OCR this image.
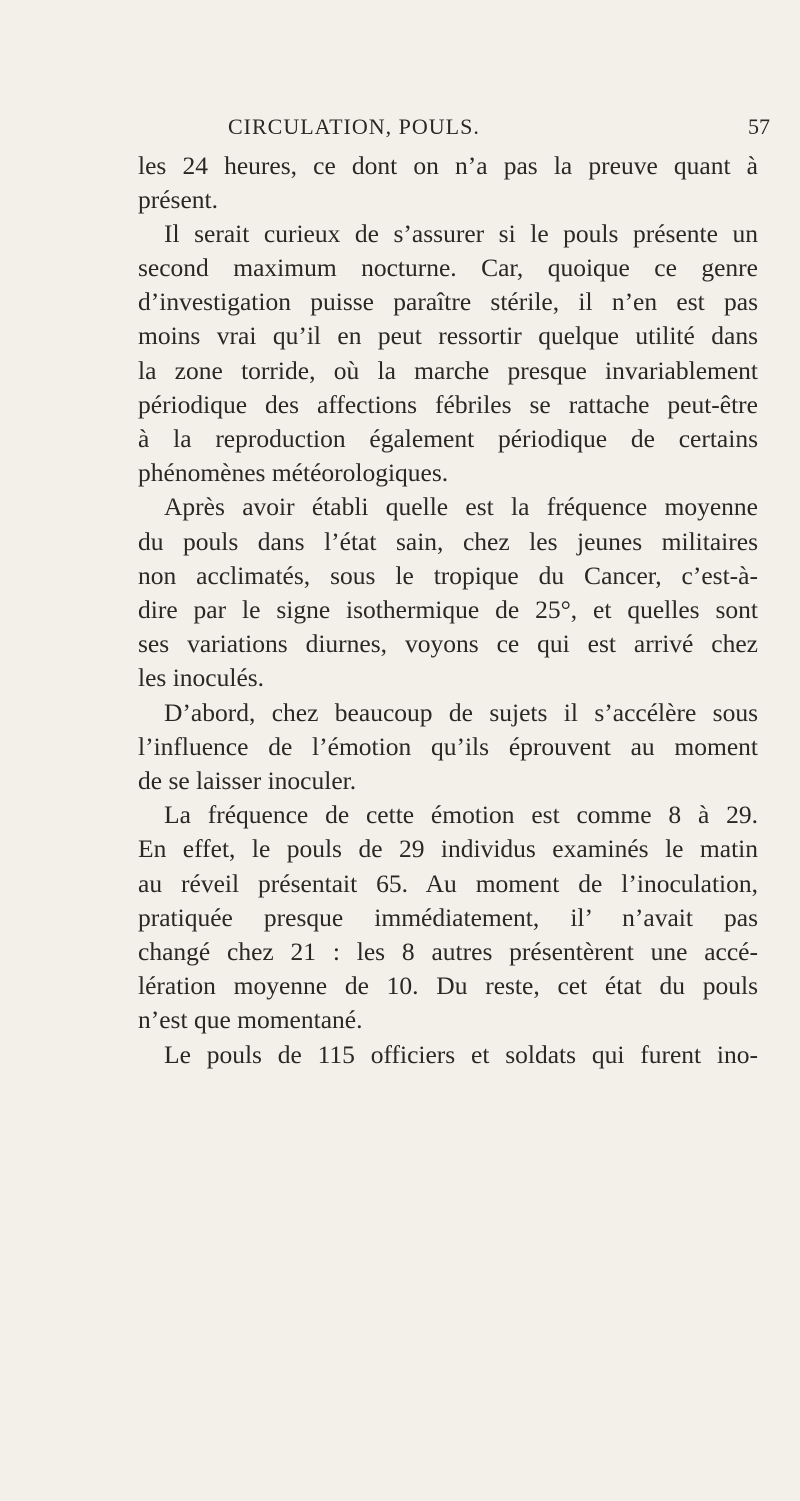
CIRCULATION, POULS.	57
les 24 heures, ce dont on n’a pas la preuve quant à
présent.
Il serait curieux de s’assurer si le pouls présente un
second maximum nocturne. Car, quoique ce genre
d’investigation puisse paraître stérile, il n’en est pas
moins vrai qu’il en peut ressortir quelque utilité dans
la zone torride, où la marche presque invariablement
périodique des affections fébriles se rattache peut-être
à la reproduction également périodique de certains
phénomènes météorologiques.
Après avoir établi quelle est la fréquence moyenne
du pouls dans l’état sain, chez les jeunes militaires
non acclimatés, sous le tropique du Cancer, c’est-à-
dire par le signe isothermique de 25°, et quelles sont
ses variations diurnes, voyons ce qui est arrivé chez
les inoculés.
D’abord, chez beaucoup de sujets il s’accélère sous
l’influence de l’émotion qu’ils éprouvent au moment
de se laisser inoculer.
La fréquence de cette émotion est comme 8 à 29.
En effet, le pouls de 29 individus examinés le matin
au réveil présentait 65. Au moment de l’inoculation,
pratiquée presque immédiatement, il’ n’avait pas
changé chez 21 : les 8 autres présentèrent une accé-
lération moyenne de 10. Du reste, cet état du pouls
n’est que momentané.
Le pouls de 115 officiers et soldats qui furent ino-
